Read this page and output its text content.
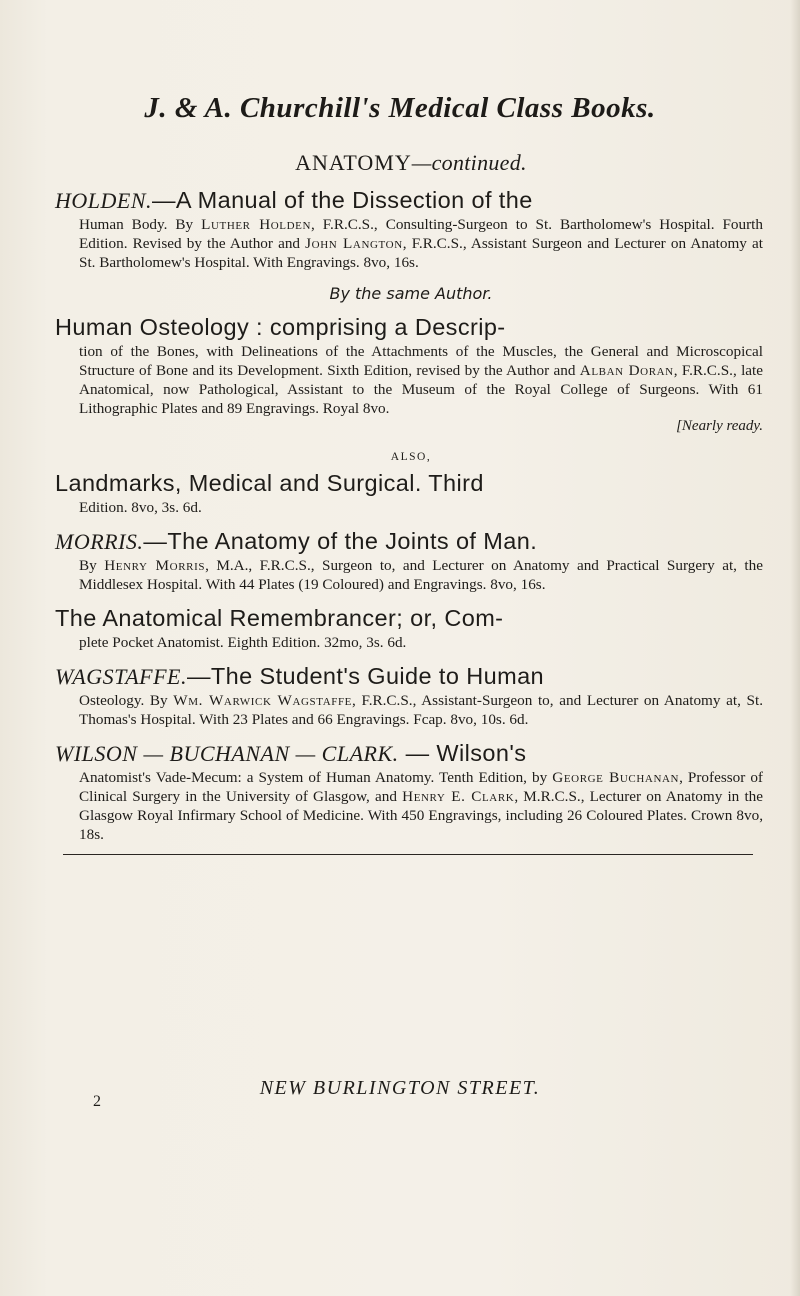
J. & A. Churchill's Medical Class Books.
ANATOMY—continued.
HOLDEN.—A Manual of the Dissection of the
Human Body. By Luther Holden, F.R.C.S., Consulting-Surgeon to St. Bartholomew's Hospital. Fourth Edition. Revised by the Author and John Langton, F.R.C.S., Assistant Surgeon and Lecturer on Anatomy at St. Bartholomew's Hospital. With Engravings. 8vo, 16s.
By the same Author.
Human Osteology : comprising a Descrip-
tion of the Bones, with Delineations of the Attachments of the Muscles, the General and Microscopical Structure of Bone and its Development. Sixth Edition, revised by the Author and Alban Doran, F.R.C.S., late Anatomical, now Pathological, Assistant to the Museum of the Royal College of Surgeons. With 61 Lithographic Plates and 89 Engravings. Royal 8vo.
[Nearly ready.
ALSO,
Landmarks, Medical and Surgical. Third
Edition. 8vo, 3s. 6d.
MORRIS.—The Anatomy of the Joints of Man.
By Henry Morris, M.A., F.R.C.S., Surgeon to, and Lecturer on Anatomy and Practical Surgery at, the Middlesex Hospital. With 44 Plates (19 Coloured) and Engravings. 8vo, 16s.
The Anatomical Remembrancer; or, Com-
plete Pocket Anatomist. Eighth Edition. 32mo, 3s. 6d.
WAGSTAFFE.—The Student's Guide to Human
Osteology. By Wm. Warwick Wagstaffe, F.R.C.S., Assistant-Surgeon to, and Lecturer on Anatomy at, St. Thomas's Hospital. With 23 Plates and 66 Engravings. Fcap. 8vo, 10s. 6d.
WILSON — BUCHANAN — CLARK. — Wilson's
Anatomist's Vade-Mecum: a System of Human Anatomy. Tenth Edition, by George Buchanan, Professor of Clinical Surgery in the University of Glasgow, and Henry E. Clark, M.R.C.S., Lecturer on Anatomy in the Glasgow Royal Infirmary School of Medicine. With 450 Engravings, including 26 Coloured Plates. Crown 8vo, 18s.
NEW BURLINGTON STREET.
2
